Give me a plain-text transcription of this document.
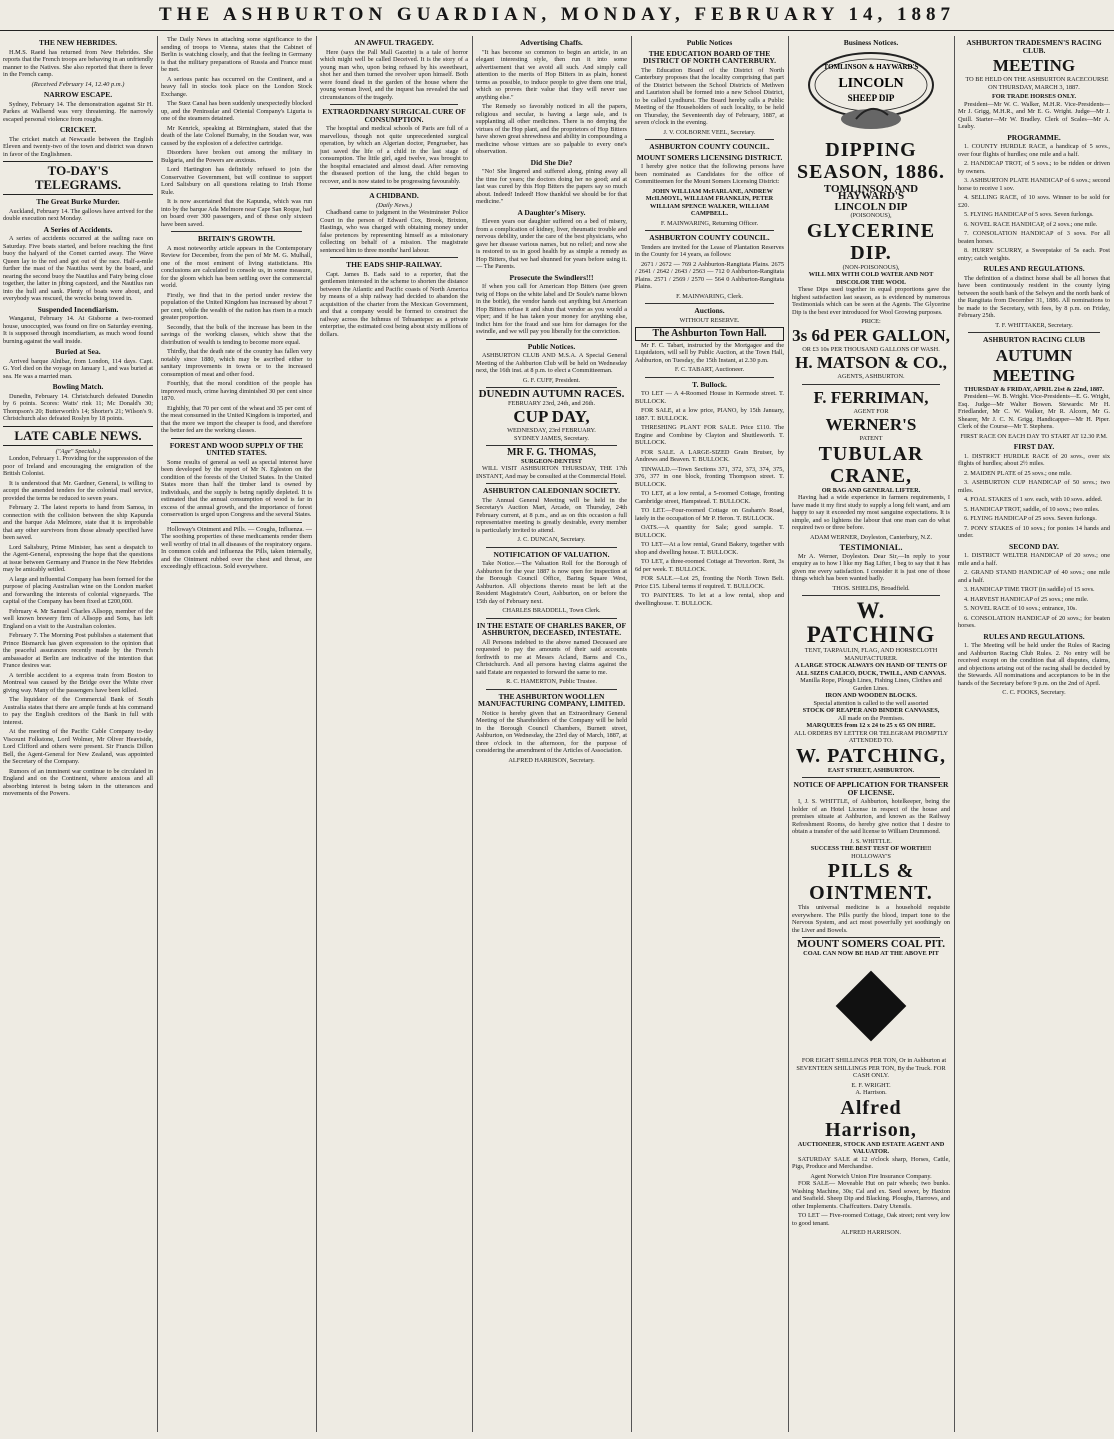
THE ASHBURTON GUARDIAN, MONDAY, FEBRUARY 14, 1887
THE NEW HEBRIDES.

H.M.S. Raeid has returned from New Hebrides. She reports that the French troops are behaving in an unfriendly manner to the Natives. She also reported that there is fever in the French camp.

(Received February 14, 12.40 p.m.)
NARROW ESCAPE.

Sydney, February 14. The demonstration against Sir H. Parkes at Wallsend was very threatening. He narrowly escaped personal violence from roughs.

CRICKET.

The cricket match at Newcastle between the English Eleven and twenty-two of the town and district was drawn in favor of the Englishmen.

TO-DAY'S TELEGRAMS.
The Great Burke Murder.

Auckland, February 14. The gallows have arrived for the double execution next Monday.

A Series of Accidents.

A series of accidents occurred at the sailing race on Saturday. Five boats started, and before reaching the first buoy the halyard of the Comet carried away. The Wave Queen lay to the red and got out of the race. Half-a-mile further the mast of the Nautilus went by the board, and nearing the second buoy the Nautilus and Fairy being close together, the latter in jibing capsized, and the Nautilus ran into the hull and sank. Plenty of boats were about, and everybody was rescued, the wrecks being towed in.

Suspended Incendiarism.

Wanganui, February 14. At Gisborne a two-roomed house, unoccupied, was found on fire on Saturday evening. It is supposed through incendiarism, as much wood found burning against the wall inside.

Buried at Sea.

Arrived barque Alnibar, from London, 114 days. Capt. G. Yorl died on the voyage on January 1, and was buried at sea. He was a married man.

Bowling Match.

Dunedin, February 14. Christchurch defeated Dunedin by 6 points. Scores: Watts' rink 11; Mc Donald's 30; Thompson's 20; Butterworth's 14; Shorter's 21; Wilson's 9. Christchurch also defeated Roslyn by 18 points.

LATE CABLE NEWS.
("Age" Specials.)

London, February 1. Providing for the suppression of the poor of Ireland and encouraging the emigration of the British Colonist.

It is understood that Mr. Gardner, General, is willing to accept the amended tenders for the colonial mail service, provided the terms be reduced to seven years.

February 2. The latest reports to hand from Samoa, in connection with the collision between the ship Kapunda and the barque Ada Melmore, state that it is improbable that any other survivors from those already specified have been saved.

Lord Salisbury, Prime Minister, has sent a despatch to the Agent-General, expressing the hope that the questions at issue between Germany and France in the New Hebrides may be amicably settled.

A large and influential Company has been formed for the purpose of placing Australian wine on the London market and forwarding the interests of colonial vigneyards. The capital of the Company has been fixed at £200,000.

February 4. Mr Samuel Charles Allsopp, member of the well known brewery firm of Allsopp and Sons, has left England on a visit to the Australian colonies.

February 7. The Morning Post publishes a statement that Prince Bismarck has given expression to the opinion that the peaceful assurances recently made by the French ambassador at Berlin are indicative of the intention that France desires war.

A terrible accident to a express train from Boston to Montreal was caused by the Bridge over the White river giving way. Many of the passengers have been killed.

The liquidator of the Commercial Bank of South Australia states that there are ample funds at his command to pay the English creditors of the Bank in full with interest.

At the meeting of the Pacific Cable Company to-day Viscount Folkstone, Lord Wolmer, Mr Oliver Heaviside, Lord Clifford and others were present. Sir Francis Dillon Bell, the Agent-General for New Zealand, was appointed the Secretary of the Company.

Rumors of an imminent war continue to be circulated in England and on the Continent, where anxious and all absorbing interest is being taken in the utterances and movements of the Powers.

The Daily News in attaching some significance to the sending of troops to Vienna, states that the Cabinet of Berlin is watching closely, and that the feeling in Germany is that the military preparations of Russia and France must be met.

A serious panic has occurred on the Continent, and a heavy fall in stocks took place on the London Stock Exchange.

The Suez Canal has been suddenly unexpectedly blocked up, and the Peninsular and Oriental Company's Liguria is one of the steamers detained.

Mr Kenrick, speaking at Birmingham, stated that the death of the late Colonel Burnaby, in the Soudan war, was caused by the explosion of a defective cartridge.

Disorders have broken out among the military in Bulgaria, and the Powers are anxious.

Lord Hartington has definitely refused to join the Conservative Government, but will continue to support Lord Salisbury on all questions relating to Irish Home Rule.

It is now ascertained that the Kapunda, which was run into by the barque Ada Melmore near Cape San Roque, had on board over 300 passengers, and of these only sixteen have been saved.

BRITAIN'S GROWTH.

A most noteworthy article appears in the Contemporary Review for December, from the pen of Mr M. G. Mulhall, one of the most eminent of living statisticians. His conclusions are calculated to console us, in some measure, for the gloom which has been settling over the commercial world.

Firstly, we find that in the period under review the population of the United Kingdom has increased by about 7 per cent, while the wealth of the nation has risen in a much greater proportion.

Secondly, that the bulk of the increase has been in the savings of the working classes, which show that the distribution of wealth is tending to become more equal.

Thirdly, that the death rate of the country has fallen very notably since 1880, which may be ascribed either to sanitary improvements in towns or to the increased consumption of meat and other food.

Fourthly, that the moral condition of the people has improved much, crime having diminished 30 per cent since 1870.

Eighthly, that 70 per cent of the wheat and 35 per cent of the meat consumed in the United Kingdom is imported, and that the more we import the cheaper is food, and therefore the better fed are the working classes.

FOREST AND WOOD SUPPLY OF THE UNITED STATES.

Some results of general as well as special interest have been developed by the report of Mr N. Egleston on the condition of the forests of the United States. In the United States more than half the timber land is owned by individuals, and the supply is being rapidly depleted. It is estimated that the annual consumption of wood is far in excess of the annual growth, and the importance of forest conservation is urged upon Congress and the several States.

Holloway's Ointment and Pills. — Coughs, Influenza. — The soothing properties of these medicaments render them well worthy of trial in all diseases of the respiratory organs. In common colds and influenza the Pills, taken internally, and the Ointment rubbed over the chest and throat, are exceedingly efficacious. Sold everywhere.

AN AWFUL TRAGEDY.

Here (says the Pall Mall Gazette) is a tale of horror which might well be called Deceived. It is the story of a young man who, upon being refused by his sweetheart, shot her and then turned the revolver upon himself. Both were found dead in the garden of the house where the young woman lived, and the inquest has revealed the sad circumstances of the tragedy.

EXTRAORDINARY SURGICAL CURE OF CONSUMPTION.

The hospital and medical schools of Paris are full of a marvellous, though not quite unprecedented surgical operation, by which an Algerian doctor, Pengrueber, has just saved the life of a child in the last stage of consumption. The little girl, aged twelve, was brought to the hospital emaciated and almost dead. After removing the diseased portion of the lung, the child began to recover, and is now stated to be progressing favourably.

A CHIDBAND.
(Daily News.)

Chadband came to judgment in the Westminster Police Court in the person of Edward Cox, Brook, Brixton, Hastings, who was charged with obtaining money under false pretences by representing himself as a missionary collecting on behalf of a mission. The magistrate sentenced him to three months' hard labour.

THE EADS SHIP-RAILWAY.

Capt. James B. Eads said to a reporter, that the gentlemen interested in the scheme to shorten the distance between the Atlantic and Pacific coasts of North America by means of a ship railway had decided to abandon the acquisition of the charter from the Mexican Government, and that a company would be formed to construct the railway across the Isthmus of Tehuantepec as a private enterprise, the estimated cost being about sixty millions of dollars.

Advertising Chaffs.

"It has become so common to begin an article, in an elegant interesting style, then run it into some advertisement that we avoid all such. And simply call attention to the merits of Hop Bitters in as plain, honest terms as possible, to induce people to give them one trial, which so proves their value that they will never use anything else."

The Remedy so favorably noticed in all the papers, religious and secular, is having a large sale, and is supplanting all other medicines. There is no denying the virtues of the Hop plant, and the proprietors of Hop Bitters have shown great shrewdness and ability in compounding a medicine whose virtues are so palpable to every one's observation.

Did She Die?

"No! She lingered and suffered along, pining away all the time for years; the doctors doing her no good; and at last was cured by this Hop Bitters the papers say so much about. Indeed! Indeed! How thankful we should be for that medicine."

A Daughter's Misery.

Eleven years our daughter suffered on a bed of misery, from a complication of kidney, liver, rheumatic trouble and nervous debility, under the care of the best physicians, who gave her disease various names, but no relief; and now she is restored to us in good health by as simple a remedy as Hop Bitters, that we had shunned for years before using it. — The Parents.

Prosecute the Swindlers!!!

If when you call for American Hop Bitters (see green twig of Hops on the white label and Dr Soule's name blown in the bottle), the vendor hands out anything but American Hop Bitters refuse it and shun that vendor as you would a viper; and if he has taken your money for anything else, indict him for the fraud and sue him for damages for the swindle, and we will pay you liberally for the conviction.

Public Notices.

ASHBURTON CLUB AND M.S.A. A Special General Meeting of the Ashburton Club will be held on Wednesday next, the 16th inst. at 8 p.m. to elect a Committeeman.

G. F. CUFF, President.
DUNEDIN AUTUMN RACES.
FEBRUARY 23rd, 24th, and 26th.
CUP DAY,
WEDNESDAY, 23rd FEBRUARY.
SYDNEY JAMES, Secretary.
MR F. G. THOMAS,
SURGEON-DENTIST

WILL VISIT ASHBURTON THURSDAY, THE 17th INSTANT, And may be consulted at the Commercial Hotel.

ASHBURTON CALEDONIAN SOCIETY.

The Annual General Meeting will be held in the Secretary's Auction Mart, Arcade, on Thursday, 24th February current, at 8 p.m., and as on this occasion a full representative meeting is greatly desirable, every member is particularly invited to attend.

J. C. DUNCAN, Secretary.
NOTIFICATION OF VALUATION.

Take Notice.—The Valuation Roll for the Borough of Ashburton for the year 1887 is now open for inspection at the Borough Council Office, Baring Square West, Ashburton. All objections thereto must be left at the Resident Magistrate's Court, Ashburton, on or before the 15th day of February next.

CHARLES BRADDELL, Town Clerk.
IN THE ESTATE OF CHARLES BAKER, OF ASHBURTON, DECEASED, INTESTATE.

All Persons indebted to the above named Deceased are requested to pay the amounts of their said accounts forthwith to me at Messrs Acland, Barns and Co., Christchurch. And all persons having claims against the said Estate are requested to forward the same to me.

R. C. HAMERTON, Public Trustee.
THE ASHBURTON WOOLLEN MANUFACTURING COMPANY, LIMITED.

Notice is hereby given that an Extraordinary General Meeting of the Shareholders of the Company will be held in the Borough Council Chambers, Burnett street, Ashburton, on Wednesday, the 23rd day of March, 1887, at three o'clock in the afternoon, for the purpose of considering the amendment of the Articles of Association.

ALFRED HARRISON, Secretary.
Public Notices
THE EDUCATION BOARD OF THE DISTRICT OF NORTH CANTERBURY.

The Education Board of the District of North Canterbury proposes that the locality comprising that part of the District between the School Districts of Methven and Lauriston shall be formed into a new School District, to be called Lyndhurst. The Board hereby calls a Public Meeting of the Householders of such locality, to be held on Thursday, the Seventeenth day of February, 1887, at seven o'clock in the evening.

J. V. COLBORNE VEEL, Secretary.
ASHBURTON COUNTY COUNCIL.
MOUNT SOMERS LICENSING DISTRICT.

I hereby give notice that the following persons have been nominated as Candidates for the office of Committeemen for the Mount Somers Licensing District:

JOHN WILLIAM McFARLANE, ANDREW McILMOYL, WILLIAM FRANKLIN, PETER WILLIAM SPENCE WALKER, WILLIAM CAMPBELL.

F. MAINWARING, Returning Officer.
ASHBURTON COUNTY COUNCIL.

Tenders are invited for the Lease of Plantation Reserves in the County for 14 years, as follows:

2671 / 2672 — 769 2 Ashburton-Rangitata Plains. 2675 / 2641 / 2642 / 2643 / 2563 — 712 0 Ashburton-Rangitata Plains. 2571 / 2569 / 2570 — 564 0 Ashburton-Rangitata Plains.

F. MAINWARING, Clerk.
Auctions.
WITHOUT RESERVE.
The Ashburton Town Hall.

Mr F. C. Tabart, instructed by the Mortgagee and the Liquidators, will sell by Public Auction, at the Town Hall, Ashburton, on Tuesday, the 15th Instant, at 2.30 p.m.

F. C. TABART, Auctioneer.
T. Bullock.

TO LET — A 4-Roomed House in Kermode street. T. BULLOCK.

FOR SALE, at a low price, PIANO, by 15th January, 1887. T. BULLOCK.

THRESHING PLANT FOR SALE. Price £110. The Engine and Combine by Clayton and Shuttleworth. T. BULLOCK.

FOR SALE. A LARGE-SIZED Grain Bruiser, by Andrews and Beaven. T. BULLOCK.

TINWALD.—Town Sections 371, 372, 373, 374, 375, 376, 377 in one block, fronting Thompson street. T. BULLOCK.

TO LET, at a low rental, a 5-roomed Cottage, fronting Cambridge street, Hampstead. T. BULLOCK.

TO LET.—Four-roomed Cottage on Graham's Road, lately in the occupation of Mr P. Heron. T. BULLOCK.

OATS.—A quantity for Sale; good sample. T. BULLOCK.

TO LET—At a low rental, Grand Bakery, together with shop and dwelling house. T. BULLOCK.

TO LET, a three-roomed Cottage at Trevorton. Rent, 3s 6d per week. T. BULLOCK.

FOR SALE.—Lot 25, fronting the North Town Belt. Price £15. Liberal terms if required. T. BULLOCK.

TO PAINTERS. To let at a low rental, shop and dwellinghouse. T. BULLOCK.

Business Notices.
TOMLINSON & HAYWARD'S
LINCOLN
SHEEP DIP
DIPPING SEASON, 1886.
TOMLINSON AND HAYWARD'S
LINCOLN DIP
(POISONOUS),
GLYCERINE DIP.
(NON-POISONOUS),
WILL MIX WITH COLD WATER AND NOT DISCOLOR THE WOOL

These Dips used together in equal proportions gave the highest satisfaction last season, as is evidenced by numerous Testimonials which can be seen at the Agents. The Glycerine Dip is the best ever introduced for Wool Growing purposes.

PRICE:
3s 6d PER GALLON,
OR £3 10s PER THOUSAND GALLONS OF WASH.
H. MATSON & CO.,
AGENTS, ASHBURTON.
F. FERRIMAN,
AGENT FOR
WERNER'S
PATENT
TUBULAR CRANE,
OR BAG AND GENERAL LIFTER.

Having had a wide experience in farmers requirements, I have made it my first study to supply a long felt want, and am happy to say it exceeded my most sanguine expectations. It is simple, and so lightens the labour that one man can do what required two or three before.

ADAM WERNER, Doyleston, Canterbury, N.Z.
TESTIMONIAL.

Mr A. Werner, Doyleston. Dear Sir,—In reply to your enquiry as to how I like my Bag Lifter, I beg to say that it has given me every satisfaction. I consider it is just one of those things which has been wanted badly.

THOS. SHIELDS, Broadfield.
W. PATCHING
TENT, TARPAULIN, FLAG, AND HORSECLOTH MANUFACTURER.
A LARGE STOCK ALWAYS ON HAND OF TENTS OF ALL SIZES CALICO, DUCK, TWILL, AND CANVAS.
Manilla Rope, Plough Lines, Fishing Lines, Clothes and Garden Lines.
IRON AND WOODEN BLOCKS.
Special attention is called to the well assorted
STOCK OF REAPER AND BINDER CANVASES,
All made on the Premises.
MARQUEES from 12 x 24 to 25 x 65 ON HIRE.
ALL ORDERS BY LETTER OR TELEGRAM PROMPTLY ATTENDED TO.
W. PATCHING,
EAST STREET, ASHBURTON.
NOTICE OF APPLICATION FOR TRANSFER OF LICENSE.

I, J. S. WHITTLE, of Ashburton, hotelkeeper, being the holder of an Hotel License in respect of the house and premises situate at Ashburton, and known as the Railway Refreshment Rooms, do hereby give notice that I desire to obtain a transfer of the said license to William Drummond.

J. S. WHITTLE.
SUCCESS THE BEST TEST OF WORTH!!!
HOLLOWAY'S
PILLS & OINTMENT.

This universal medicine is a household requisite everywhere. The Pills purify the blood, impart tone to the Nervous System, and act most powerfully yet soothingly on the Liver and Bowels.

MOUNT SOMERS COAL PIT.
COAL CAN NOW BE HAD AT THE ABOVE PIT

FOR EIGHT SHILLINGS PER TON, Or in Ashburton at SEVENTEEN SHILLINGS PER TON, By the Truck. FOR CASH ONLY.

E. F. WRIGHT.
A. Harrison.
Alfred Harrison,
AUCTIONEER, STOCK AND ESTATE AGENT AND VALUATOR.

SATURDAY SALE at 12 o'clock sharp, Horses, Cattle, Pigs, Produce and Merchandise.

Agent Norwich Union Fire Insurance Company.

FOR SALE— Moveable Hut on pair wheels; two bunks. Washing Machine, 30s; Cal and ex. Seed sower, by Haxton and Seafield. Sheep Dip and Blacking. Ploughs, Harrows, and other Implements. Chaffcutters. Dairy Utensils.

TO LET — Five-roomed Cottage, Oak street; rent very low to good tenant.

ALFRED HARRISON.
ASHBURTON TRADESMEN'S RACING CLUB.
MEETING

TO BE HELD ON THE ASHBURTON RACECOURSE ON THURSDAY, MARCH 3, 1887.

FOR TRADE HORSES ONLY.

President—Mr W. C. Walker, M.H.R. Vice-Presidents—Mr J. Grigg, M.H.R., and Mr E. G. Wright. Judge—Mr J. Quill. Starter—Mr W. Bradley. Clerk of Scales—Mr A. Leaby.

PROGRAMME.

1. COUNTY HURDLE RACE, a handicap of 5 sovs., over four flights of hurdles; one mile and a half.

2. HANDICAP TROT, of 5 sovs.; to be ridden or driven by owners.

3. ASHBURTON PLATE HANDICAP of 6 sovs.; second horse to receive 1 sov.

4. SELLING RACE, of 10 sovs. Winner to be sold for £20.

5. FLYING HANDICAP of 5 sovs. Seven furlongs.

6. NOVEL RACE HANDICAP, of 2 sovs.; one mile.

7. CONSOLATION HANDICAP of 3 sovs. For all beaten horses.

8. HURRY SCURRY, a Sweepstake of 5s each. Post entry; catch weights.

RULES AND REGULATIONS.

The definition of a distinct horse shall be all horses that have been continuously resident in the county lying between the south bank of the Selwyn and the north bank of the Rangitata from December 31, 1886. All nominations to be made to the Secretary, with fees, by 8 p.m. on Friday, February 25th.

T. F. WHITTAKER, Secretary.
ASHBURTON RACING CLUB
AUTUMN MEETING
THURSDAY & FRIDAY, APRIL 21st & 22nd, 1887.

President—W. B. Wright. Vice-Presidents—E. G. Wright, Esq. Judge—Mr Walter Bowen. Stewards: Mr H. Friedlander, Mr C. W. Walker, Mr R. Alcorn, Mr G. Shearer, Mr J. C. N. Grigg. Handicapper—Mr H. Piper. Clerk of the Course—Mr T. Stephens.

FIRST RACE ON EACH DAY TO START AT 12.30 P.M.
FIRST DAY.

1. DISTRICT HURDLE RACE of 20 sovs., over six flights of hurdles; about 2½ miles.

2. MAIDEN PLATE of 25 sovs.; one mile.

3. ASHBURTON CUP HANDICAP of 50 sovs.; two miles.

4. FOAL STAKES of 1 sov. each, with 10 sovs. added.

5. HANDICAP TROT, saddle, of 10 sovs.; two miles.

6. FLYING HANDICAP of 25 sovs. Seven furlongs.

7. PONY STAKES of 10 sovs.; for ponies 14 hands and under.

SECOND DAY.

1. DISTRICT WELTER HANDICAP of 20 sovs.; one mile and a half.

2. GRAND STAND HANDICAP of 40 sovs.; one mile and a half.

3. HANDICAP TIME TROT (in saddle) of 15 sovs.

4. HARVEST HANDICAP of 25 sovs.; one mile.

5. NOVEL RACE of 10 sovs.; entrance, 10s.

6. CONSOLATION HANDICAP of 20 sovs.; for beaten horses.

RULES AND REGULATIONS.

1. The Meeting will be held under the Rules of Racing and Ashburton Racing Club Rules. 2. No entry will be received except on the condition that all disputes, claims, and objections arising out of the racing shall be decided by the Stewards. All nominations and acceptances to be in the hands of the Secretary before 9 p.m. on the 2nd of April.

C. C. FOOKS, Secretary.
